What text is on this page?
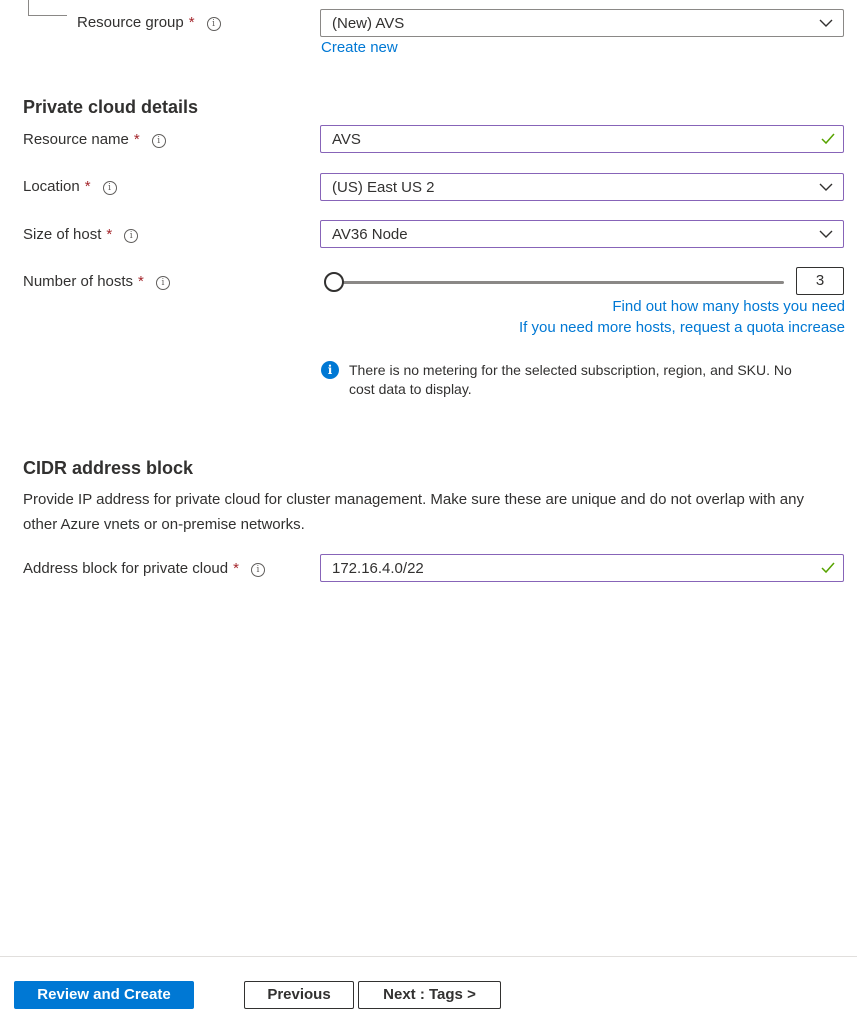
Resource group * i	(New) AVS
Create new
Private cloud details
Resource name * i	AVS
Location * i	(US) East US 2
Size of host * i	AV36 Node
Number of hosts * i	3
Find out how many hosts you need
If you need more hosts, request a quota increase
i	There is no metering for the selected subscription, region, and SKU. No cost data to display.
CIDR address block
Provide IP address for private cloud for cluster management. Make sure these are unique and do not overlap with any other Azure vnets or on-premise networks.
Address block for private cloud * i	172.16.4.0/22
Review and Create	Previous	Next : Tags >
